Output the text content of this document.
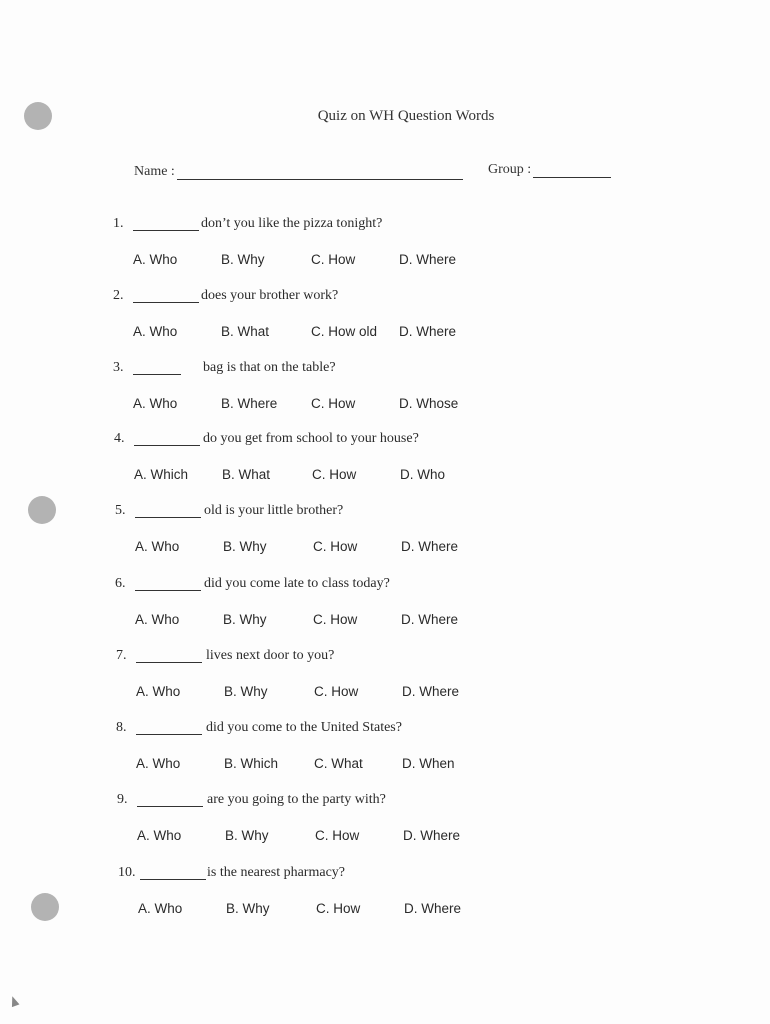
Quiz on WH Question Words
Name :	Group :
1.	don’t you like the pizza tonight?
A. Who	B. Why	C. How	D. Where
2.	does your brother work?
A. Who	B. What	C. How old D. Where
3.	bag is that on the table?
A. Who	B. Where C. How	D. Whose
4.	do you get from school to your house?
A. Which	B. What	C. How	D. Who
5.	old is your little brother?
A. Who	B. Why	C. How	D. Where
6.	did you come late to class today?
A. Who	B. Why	C. How	D. Where
7.	lives next door to you?
A. Who	B. Why	C. How	D. Where
8.	did you come to the United States?
A. Who	B. Which	C. What	D. When
9.	are you going to the party with?
A. Who	B. Why	C. How	D. Where
10.	is the nearest pharmacy?
A. Who	B. Why	C. How	D. Where
